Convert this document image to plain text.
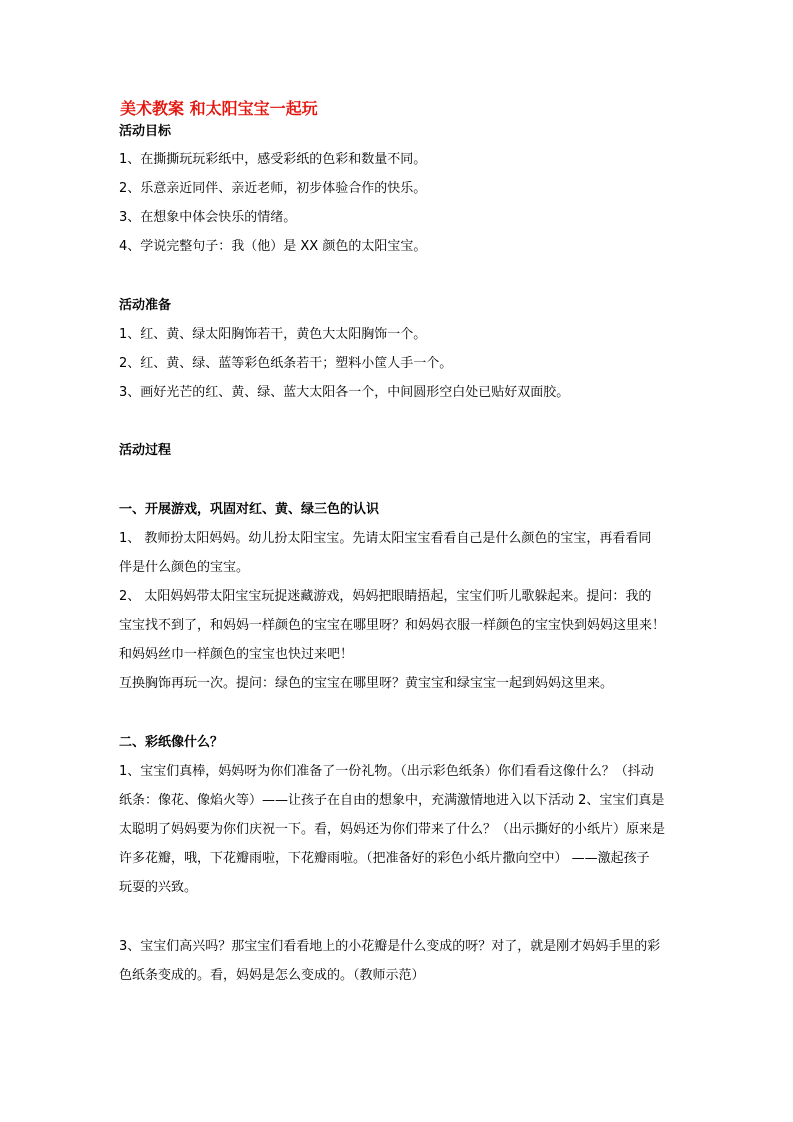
美术教案 和太阳宝宝一起玩
活动目标
1、在撕撕玩玩彩纸中，感受彩纸的色彩和数量不同。
2、乐意亲近同伴、亲近老师，初步体验合作的快乐。
3、在想象中体会快乐的情绪。
4、学说完整句子：我（他）是 XX 颜色的太阳宝宝。
活动准备
1、红、黄、绿太阳胸饰若干，黄色大太阳胸饰一个。
2、红、黄、绿、蓝等彩色纸条若干；塑料小筐人手一个。
3、画好光芒的红、黄、绿、蓝大太阳各一个，中间圆形空白处已贴好双面胶。
活动过程
一、开展游戏，巩固对红、黄、绿三色的认识
1、 教师扮太阳妈妈。幼儿扮太阳宝宝。先请太阳宝宝看看自己是什么颜色的宝宝，再看看同
伴是什么颜色的宝宝。
2、 太阳妈妈带太阳宝宝玩捉迷藏游戏，妈妈把眼睛捂起，宝宝们听儿歌躲起来。提问：我的
宝宝找不到了，和妈妈一样颜色的宝宝在哪里呀？和妈妈衣服一样颜色的宝宝快到妈妈这里来！
和妈妈丝巾一样颜色的宝宝也快过来吧！
互换胸饰再玩一次。提问：绿色的宝宝在哪里呀？黄宝宝和绿宝宝一起到妈妈这里来。
二、彩纸像什么？
1、宝宝们真棒，妈妈呀为你们准备了一份礼物。（出示彩色纸条）你们看看这像什么？（抖动
纸条：像花、像焰火等）——让孩子在自由的想象中，充满激情地进入以下活动 2、宝宝们真是
太聪明了妈妈要为你们庆祝一下。看，妈妈还为你们带来了什么？（出示撕好的小纸片）原来是
许多花瓣，哦，下花瓣雨啦，下花瓣雨啦。（把准备好的彩色小纸片撒向空中） ——激起孩子
玩耍的兴致。
3、宝宝们高兴吗？那宝宝们看看地上的小花瓣是什么变成的呀？对了，就是刚才妈妈手里的彩
色纸条变成的。看，妈妈是怎么变成的。（教师示范）
